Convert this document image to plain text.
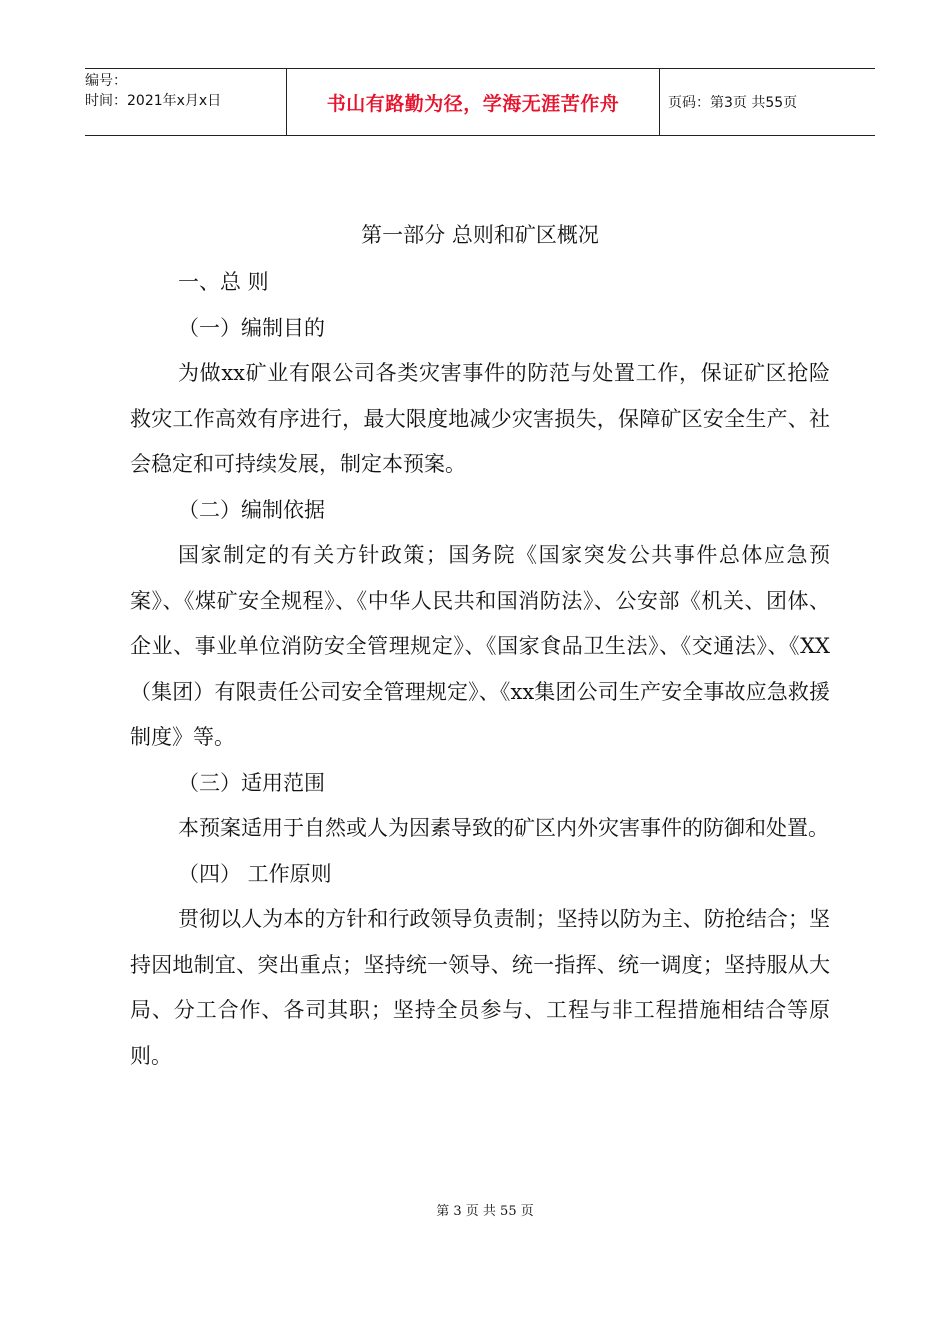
编号：
时间：2021年x月x日	书山有路勤为径，学海无涯苦作舟	页码：第3页 共55页
第一部分 总则和矿区概况
一、总 则
（一）编制目的

为做xx矿业有限公司各类灾害事件的防范与处置工作，保证矿区抢险救灾工作高效有序进行，最大限度地减少灾害损失，保障矿区安全生产、社会稳定和可持续发展，制定本预案。

（二）编制依据

国家制定的有关方针政策；国务院《国家突发公共事件总体应急预案》、《煤矿安全规程》、《中华人民共和国消防法》、公安部《机关、团体、企业、事业单位消防安全管理规定》、《国家食品卫生法》、《交通法》、《XX（集团）有限责任公司安全管理规定》、《xx集团公司生产安全事故应急救援制度》等。

（三）适用范围

本预案适用于自然或人为因素导致的矿区内外灾害事件的防御和处置。

（四） 工作原则

贯彻以人为本的方针和行政领导负责制；坚持以防为主、防抢结合；坚持因地制宜、突出重点；坚持统一领导、统一指挥、统一调度；坚持服从大局、分工合作、各司其职；坚持全员参与、工程与非工程措施相结合等原则。

第 3 页 共 55 页
